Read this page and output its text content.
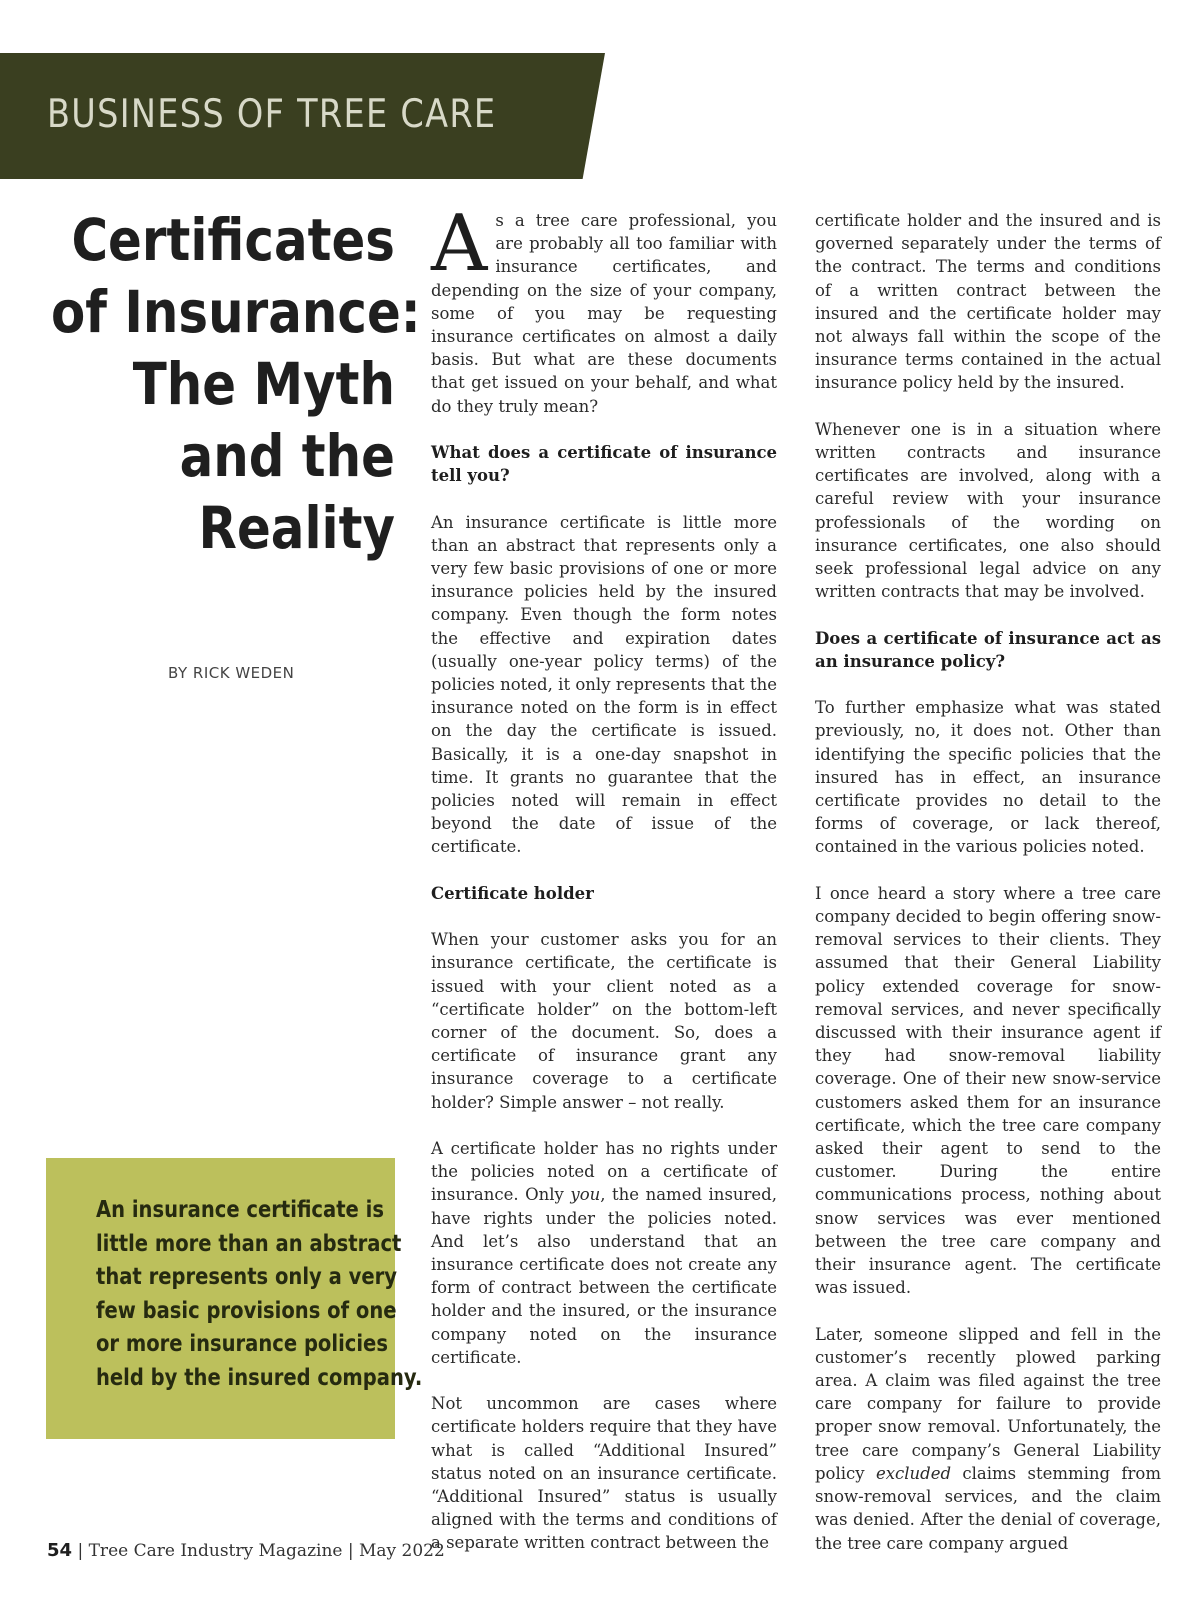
BUSINESS OF TREE CARE
Certificates
of Insurance:
The Myth
and the
Reality
BY RICK WEDEN
An insurance certificate is
little more than an abstract
that represents only a very
few basic provisions of one
or more insurance policies
held by the insured company.

As a tree care professional, you are probably all too familiar with insurance certificates, and depending on the size of your company, some of you may be requesting insurance certificates on almost a daily basis. But what are these documents that get issued on your behalf, and what do they truly mean?

What does a certificate of insurance tell you?

An insurance certificate is little more than an abstract that represents only a very few basic provisions of one or more insurance policies held by the insured company. Even though the form notes the effective and expiration dates (usually one-year policy terms) of the policies noted, it only represents that the insurance noted on the form is in effect on the day the certificate is issued. Basically, it is a one-day snapshot in time. It grants no guarantee that the policies noted will remain in effect beyond the date of issue of the certificate.

Certificate holder

When your customer asks you for an insurance certificate, the certificate is issued with your client noted as a “certificate holder” on the bottom-left corner of the document. So, does a certificate of insurance grant any insurance coverage to a certificate holder? Simple answer – not really.

A certificate holder has no rights under the policies noted on a certificate of insurance. Only you, the named insured, have rights under the policies noted. And let’s also understand that an insurance certificate does not create any form of contract between the certificate holder and the insured, or the insurance company noted on the insurance certificate.

Not uncommon are cases where certificate holders require that they have what is called “Additional Insured” status noted on an insurance certificate. “Additional Insured” status is usually aligned with the terms and conditions of a separate written contract between the

certificate holder and the insured and is governed separately under the terms of the contract. The terms and conditions of a written contract between the insured and the certificate holder may not always fall within the scope of the insurance terms contained in the actual insurance policy held by the insured.

Whenever one is in a situation where written contracts and insurance certificates are involved, along with a careful review with your insurance professionals of the wording on insurance certificates, one also should seek professional legal advice on any written contracts that may be involved.

Does a certificate of insurance act as an insurance policy?

To further emphasize what was stated previously, no, it does not. Other than identifying the specific policies that the insured has in effect, an insurance certificate provides no detail to the forms of coverage, or lack thereof, contained in the various policies noted.

I once heard a story where a tree care company decided to begin offering snow-removal services to their clients. They assumed that their General Liability policy extended coverage for snow-removal services, and never specifically discussed with their insurance agent if they had snow-removal liability coverage. One of their new snow-service customers asked them for an insurance certificate, which the tree care company asked their agent to send to the customer. During the entire communications process, nothing about snow services was ever mentioned between the tree care company and their insurance agent. The certificate was issued.

Later, someone slipped and fell in the customer’s recently plowed parking area. A claim was filed against the tree care company for failure to provide proper snow removal. Unfortunately, the tree care company’s General Liability policy excluded claims stemming from snow-removal services, and the claim was denied. After the denial of coverage, the tree care company argued

54 | Tree Care Industry Magazine | May 2022
